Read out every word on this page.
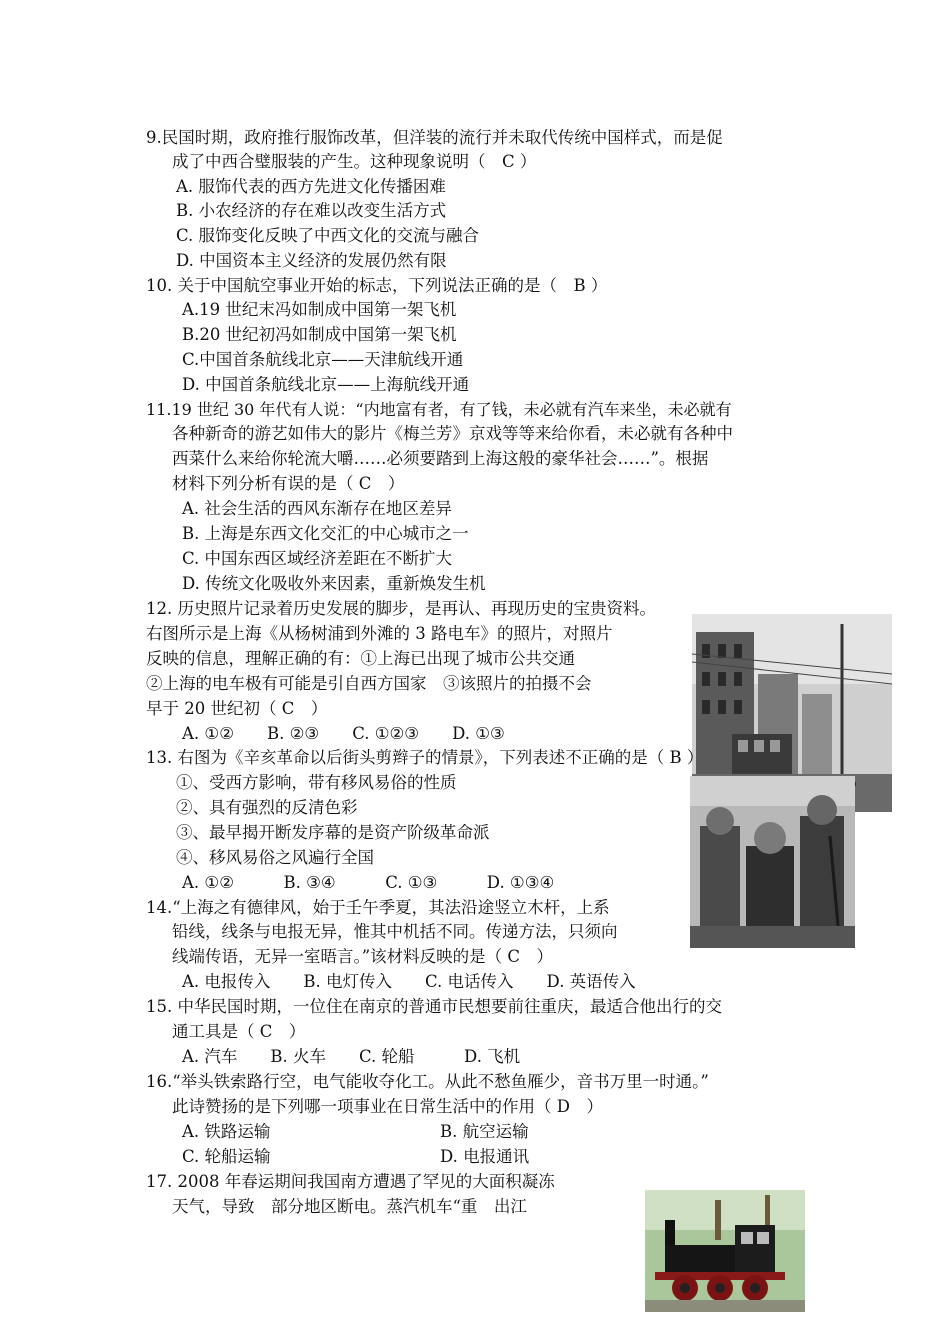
9.民国时期，政府推行服饰改革，但洋装的流行并未取代传统中国样式，而是促
成了中西合璧服装的产生。这种现象说明（　C ）
A. 服饰代表的西方先进文化传播困难
B. 小农经济的存在难以改变生活方式
C. 服饰变化反映了中西文化的交流与融合
D. 中国资本主义经济的发展仍然有限
10. 关于中国航空事业开始的标志，下列说法正确的是（　B ）
A.19 世纪末冯如制成中国第一架飞机
B.20 世纪初冯如制成中国第一架飞机
C.中国首条航线北京——天津航线开通
D. 中国首条航线北京——上海航线开通
11.19 世纪 30 年代有人说：“内地富有者，有了钱，未必就有汽车来坐，未必就有
各种新奇的游艺如伟大的影片《梅兰芳》京戏等等来给你看，未必就有各种中
西菜什么来给你轮流大嚼……必须要踏到上海这般的豪华社会……”。根据
材料下列分析有误的是（ C　）
A. 社会生活的西风东渐存在地区差异
B. 上海是东西文化交汇的中心城市之一
C. 中国东西区域经济差距在不断扩大
D. 传统文化吸收外来因素，重新焕发生机
12. 历史照片记录着历史发展的脚步，是再认、再现历史的宝贵资料。
右图所示是上海《从杨树浦到外滩的 3 路电车》的照片，对照片
反映的信息，理解正确的有：①上海已出现了城市公共交通
②上海的电车极有可能是引自西方国家　③该照片的拍摄不会
早于 20 世纪初（ C　）
A. ①②　　B. ②③　　C. ①②③　　D. ①③
13. 右图为《辛亥革命以后街头剪辫子的情景》，下列表述不正确的是（ B ）
①、受西方影响，带有移风易俗的性质
②、具有强烈的反清色彩
③、最早揭开断发序幕的是资产阶级革命派
④、移风易俗之风遍行全国
A. ①②　　　B. ③④　　　C. ①③　　　D. ①③④
14.“上海之有德律风，始于壬午季夏，其法沿途竖立木杆，上系
铅线，线条与电报无异，惟其中机括不同。传递方法，只须向
线端传语，无异一室晤言。”该材料反映的是（ C　）
A. 电报传入　　B. 电灯传入　　C. 电话传入　　D. 英语传入
15. 中华民国时期，一位住在南京的普通市民想要前往重庆，最适合他出行的交
通工具是（ C　）
A. 汽车　　B. 火车　　C. 轮船　　　D. 飞机
16.“举头铁索路行空，电气能收夺化工。从此不愁鱼雁少，音书万里一时通。”
此诗赞扬的是下列哪一项事业在日常生活中的作用（ D　）
A. 铁路运输	B. 航空运输
C. 轮船运输	D. 电报通讯
17. 2008 年春运期间我国南方遭遇了罕见的大面积凝冻
天气，导致　部分地区断电。蒸汽机车“重　出江
